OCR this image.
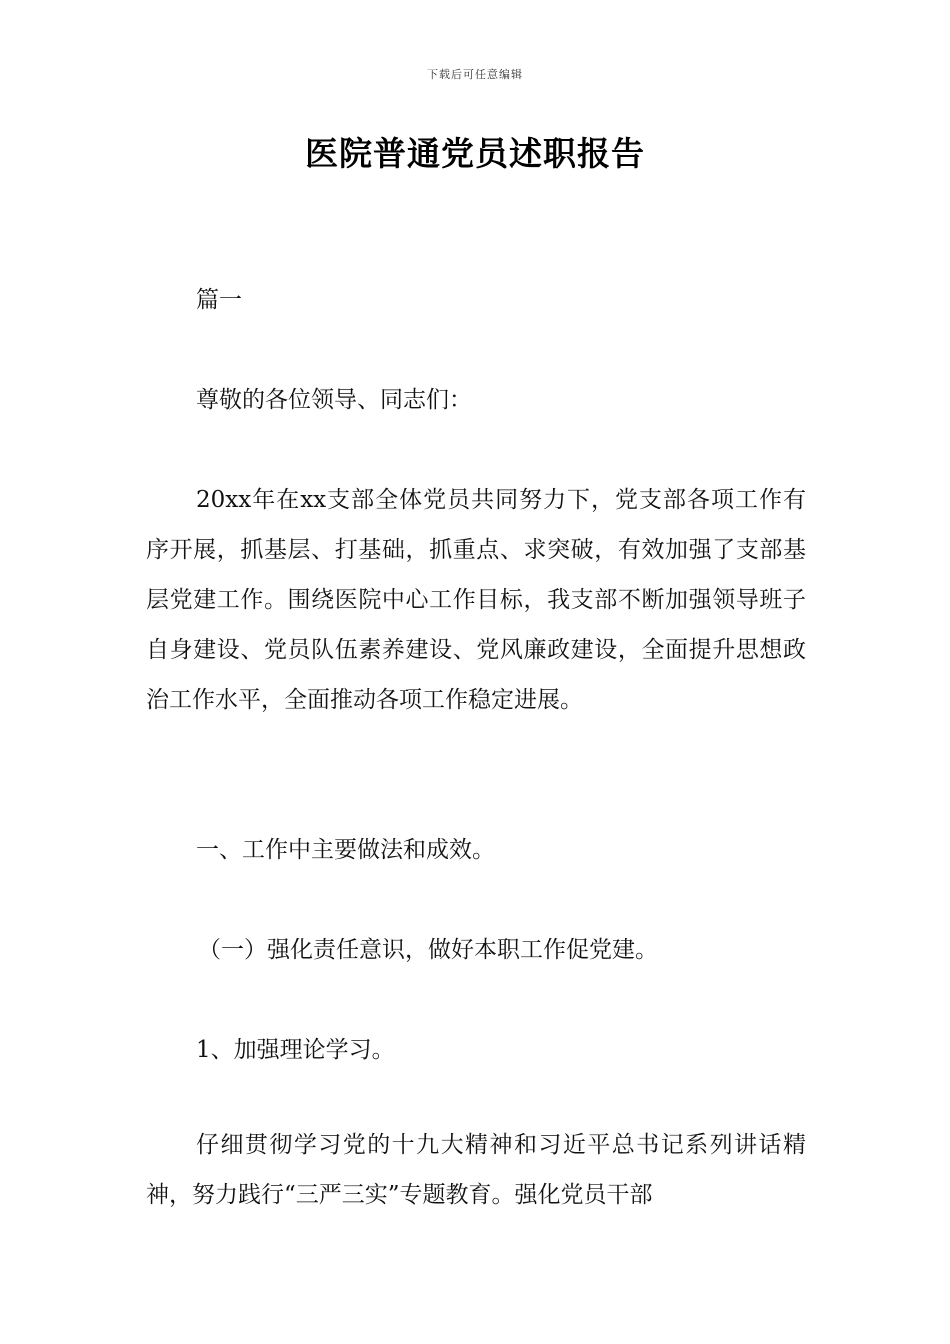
下载后可任意编辑
医院普通党员述职报告

篇一

尊敬的各位领导、同志们：

20xx年在xx支部全体党员共同努力下，党支部各项工作有序开展，抓基层、打基础，抓重点、求突破，有效加强了支部基层党建工作。围绕医院中心工作目标，我支部不断加强领导班子自身建设、党员队伍素养建设、党风廉政建设，全面提升思想政治工作水平，全面推动各项工作稳定进展。

一、工作中主要做法和成效。

（一）强化责任意识，做好本职工作促党建。

1、加强理论学习。

仔细贯彻学习党的十九大精神和习近平总书记系列讲话精神，努力践行“三严三实”专题教育。强化党员干部
